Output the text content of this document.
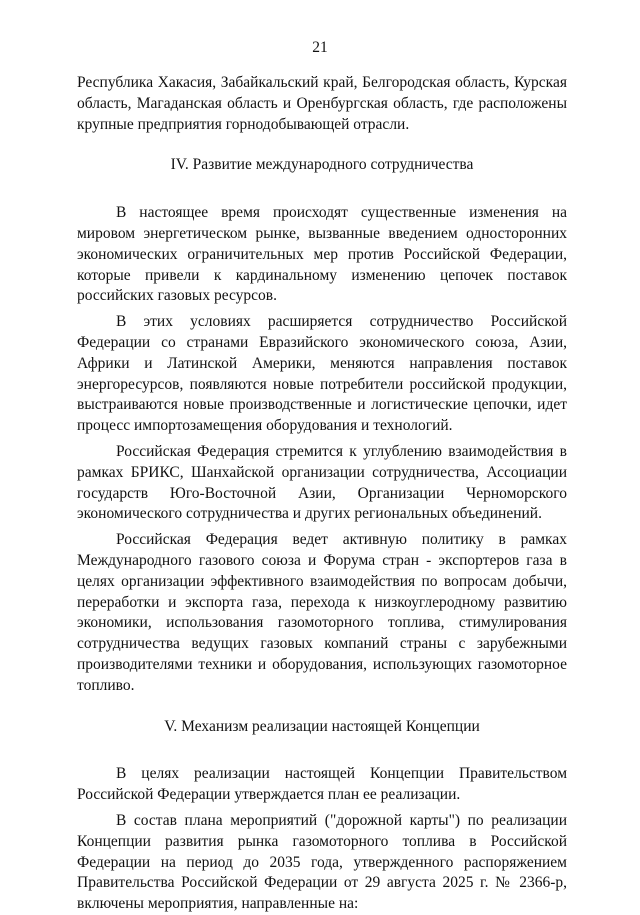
21

Республика Хакасия, Забайкальский край, Белгородская область, Курская область, Магаданская область и Оренбургская область, где расположены крупные предприятия горнодобывающей отрасли.

IV. Развитие международного сотрудничества

В настоящее время происходят существенные изменения на мировом энергетическом рынке, вызванные введением односторонних экономических ограничительных мер против Российской Федерации, которые привели к кардинальному изменению цепочек поставок российских газовых ресурсов.

В этих условиях расширяется сотрудничество Российской Федерации со странами Евразийского экономического союза, Азии, Африки и Латинской Америки, меняются направления поставок энергоресурсов, появляются новые потребители российской продукции, выстраиваются новые производственные и логистические цепочки, идет процесс импортозамещения оборудования и технологий.

Российская Федерация стремится к углублению взаимодействия в рамках БРИКС, Шанхайской организации сотрудничества, Ассоциации государств Юго-Восточной Азии, Организации Черноморского экономического сотрудничества и других региональных объединений.

Российская Федерация ведет активную политику в рамках Международного газового союза и Форума стран - экспортеров газа в целях организации эффективного взаимодействия по вопросам добычи, переработки и экспорта газа, перехода к низкоуглеродному развитию экономики, использования газомоторного топлива, стимулирования сотрудничества ведущих газовых компаний страны с зарубежными производителями техники и оборудования, использующих газомоторное топливо.

V. Механизм реализации настоящей Концепции

В целях реализации настоящей Концепции Правительством Российской Федерации утверждается план ее реализации.

В состав плана мероприятий ("дорожной карты") по реализации Концепции развития рынка газомоторного топлива в Российской Федерации на период до 2035 года, утвержденного распоряжением Правительства Российской Федерации от 29 августа 2025 г. № 2366-р, включены мероприятия, направленные на:
